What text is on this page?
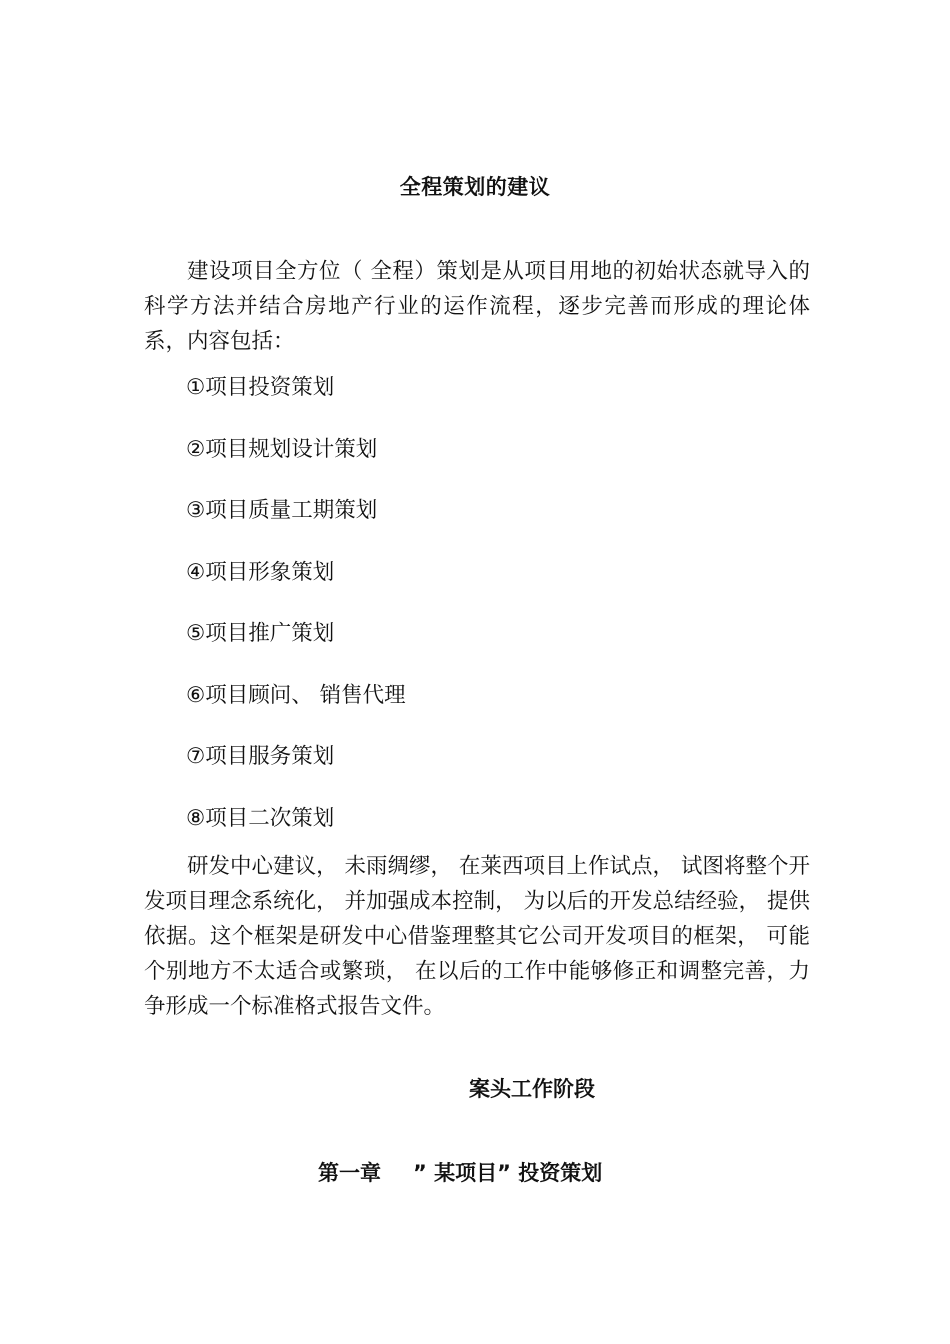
全程策划的建议

建设项目全方位（ 全程）策划是从项目用地的初始状态就导入的科学方法并结合房地产行业的运作流程，逐步完善而形成的理论体系，内容包括：

①项目投资策划
②项目规划设计策划
③项目质量工期策划
④项目形象策划
⑤项目推广策划
⑥项目顾问、 销售代理
⑦项目服务策划
⑧项目二次策划

研发中心建议， 未雨绸缪， 在莱西项目上作试点， 试图将整个开发项目理念系统化， 并加强成本控制， 为以后的开发总结经验， 提供依据。这个框架是研发中心借鉴理整其它公司开发项目的框架， 可能个别地方不太适合或繁琐， 在以后的工作中能够修正和调整完善，力争形成一个标准格式报告文件。

案头工作阶段
第一章 ” 某项目” 投资策划
